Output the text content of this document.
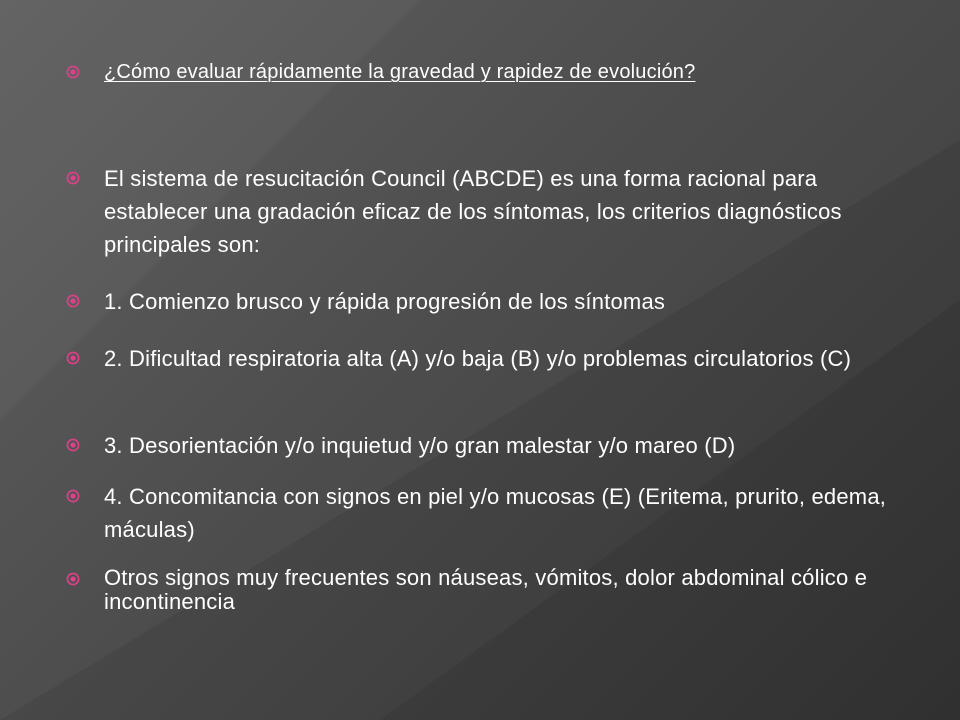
¿Cómo evaluar rápidamente la gravedad y rapidez de evolución?
El sistema de resucitación Council (ABCDE) es una forma racional para establecer una gradación eficaz de los síntomas, los criterios diagnósticos principales son:
1. Comienzo brusco y rápida progresión de los síntomas
2. Dificultad respiratoria alta (A) y/o baja (B) y/o problemas circulatorios (C)
3. Desorientación y/o inquietud y/o gran malestar y/o mareo (D)
4. Concomitancia con signos en piel y/o mucosas (E) (Eritema, prurito, edema, máculas)
Otros signos muy frecuentes son náuseas, vómitos, dolor abdominal cólico e incontinencia
